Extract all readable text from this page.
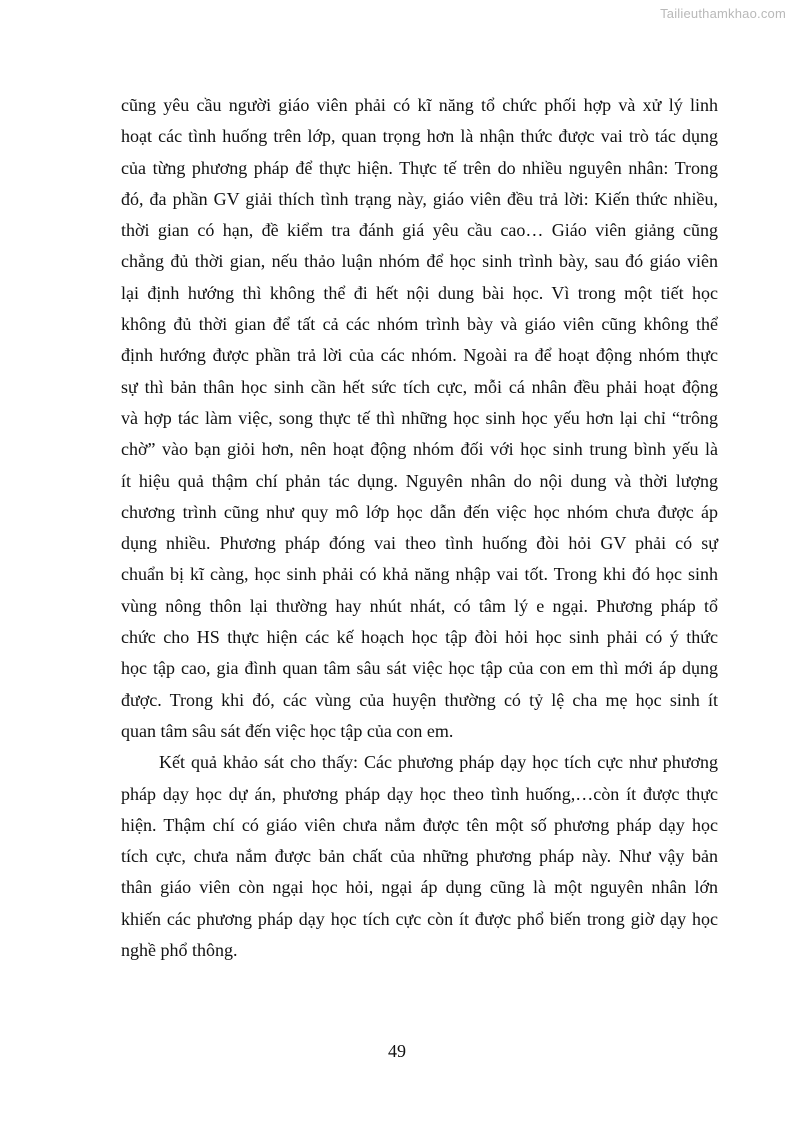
Tailieuthamkhao.com

cũng yêu cầu người giáo viên phải có kĩ năng tổ chức phối hợp và xử lý linh
hoạt các tình huống trên lớp, quan trọng hơn là nhận thức được vai trò tác dụng
của từng phương pháp để thực hiện. Thực tế trên do nhiều nguyên nhân: Trong
đó, đa phần GV giải thích tình trạng này, giáo viên đều trả lời: Kiến thức nhiều,
thời gian có hạn, đề kiểm tra đánh giá yêu cầu cao… Giáo viên giảng cũng
chẳng đủ thời gian, nếu thảo luận nhóm để học sinh trình bày, sau đó giáo viên
lại định hướng thì không thể đi hết nội dung bài học. Vì trong một tiết học
không đủ thời gian để tất cả các nhóm trình bày và giáo viên cũng không thể
định hướng được phần trả lời của các nhóm. Ngoài ra để hoạt động nhóm thực
sự thì bản thân học sinh cần hết sức tích cực, mỗi cá nhân đều phải hoạt động
và hợp tác làm việc, song thực tế thì những học sinh học yếu hơn lại chỉ “trông
chờ” vào bạn giỏi hơn, nên hoạt động nhóm đối với học sinh trung bình yếu là
ít hiệu quả thậm chí phản tác dụng. Nguyên nhân do nội dung và thời lượng
chương trình cũng như quy mô lớp học dẫn đến việc học nhóm chưa được áp
dụng nhiều. Phương pháp đóng vai theo tình huống đòi hỏi GV phải có sự
chuẩn bị kĩ càng, học sinh phải có khả năng nhập vai tốt. Trong khi đó học sinh
vùng nông thôn lại thường hay nhút nhát, có tâm lý e ngại. Phương pháp tổ
chức cho HS thực hiện các kế hoạch học tập đòi hỏi học sinh phải có ý thức
học tập cao, gia đình quan tâm sâu sát việc học tập của con em thì mới áp dụng
được. Trong khi đó, các vùng của huyện thường có tỷ lệ cha mẹ học sinh ít
quan tâm sâu sát đến việc học tập của con em.

Kết quả khảo sát cho thấy: Các phương pháp dạy học tích cực như phương
pháp dạy học dự án, phương pháp dạy học theo tình huống,…còn ít được thực
hiện. Thậm chí có giáo viên chưa nắm được tên một số phương pháp dạy học
tích cực, chưa nắm được bản chất của những phương pháp này. Như vậy bản
thân giáo viên còn ngại học hỏi, ngại áp dụng cũng là một nguyên nhân lớn
khiến các phương pháp dạy học tích cực còn ít được phổ biến trong giờ dạy học
nghề phổ thông.

49
